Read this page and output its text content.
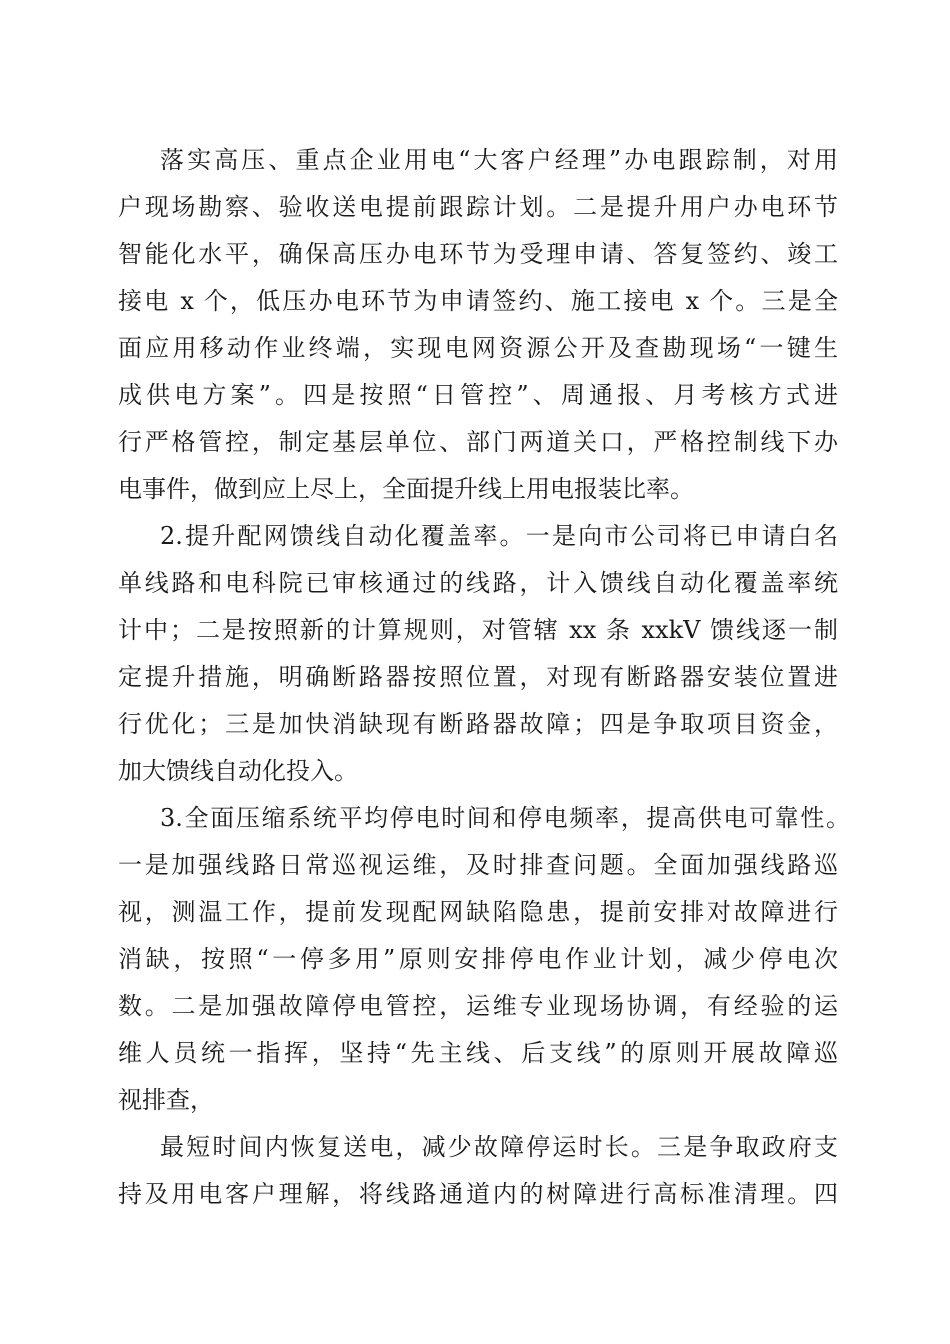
落实高压、重点企业用电“大客户经理”办电跟踪制，对用

户现场勘察、验收送电提前跟踪计划。二是提升用户办电环节

智能化水平，确保高压办电环节为受理申请、答复签约、竣工

接电 x 个，低压办电环节为申请签约、施工接电 x 个。三是全

面应用移动作业终端，实现电网资源公开及查勘现场“一键生

成供电方案”。四是按照“日管控”、周通报、月考核方式进

行严格管控，制定基层单位、部门两道关口，严格控制线下办

电事件，做到应上尽上，全面提升线上用电报装比率。

2.提升配网馈线自动化覆盖率。一是向市公司将已申请白名

单线路和电科院已审核通过的线路，计入馈线自动化覆盖率统

计中；二是按照新的计算规则，对管辖 xx 条 xxkV 馈线逐一制

定提升措施，明确断路器按照位置，对现有断路器安装位置进

行优化；三是加快消缺现有断路器故障；四是争取项目资金，

加大馈线自动化投入。

3.全面压缩系统平均停电时间和停电频率，提高供电可靠性。

一是加强线路日常巡视运维，及时排查问题。全面加强线路巡

视，测温工作，提前发现配网缺陷隐患，提前安排对故障进行

消缺，按照“一停多用”原则安排停电作业计划，减少停电次

数。二是加强故障停电管控，运维专业现场协调，有经验的运

维人员统一指挥，坚持“先主线、后支线”的原则开展故障巡

视排查，

最短时间内恢复送电，减少故障停运时长。三是争取政府支

持及用电客户理解，将线路通道内的树障进行高标准清理。四
